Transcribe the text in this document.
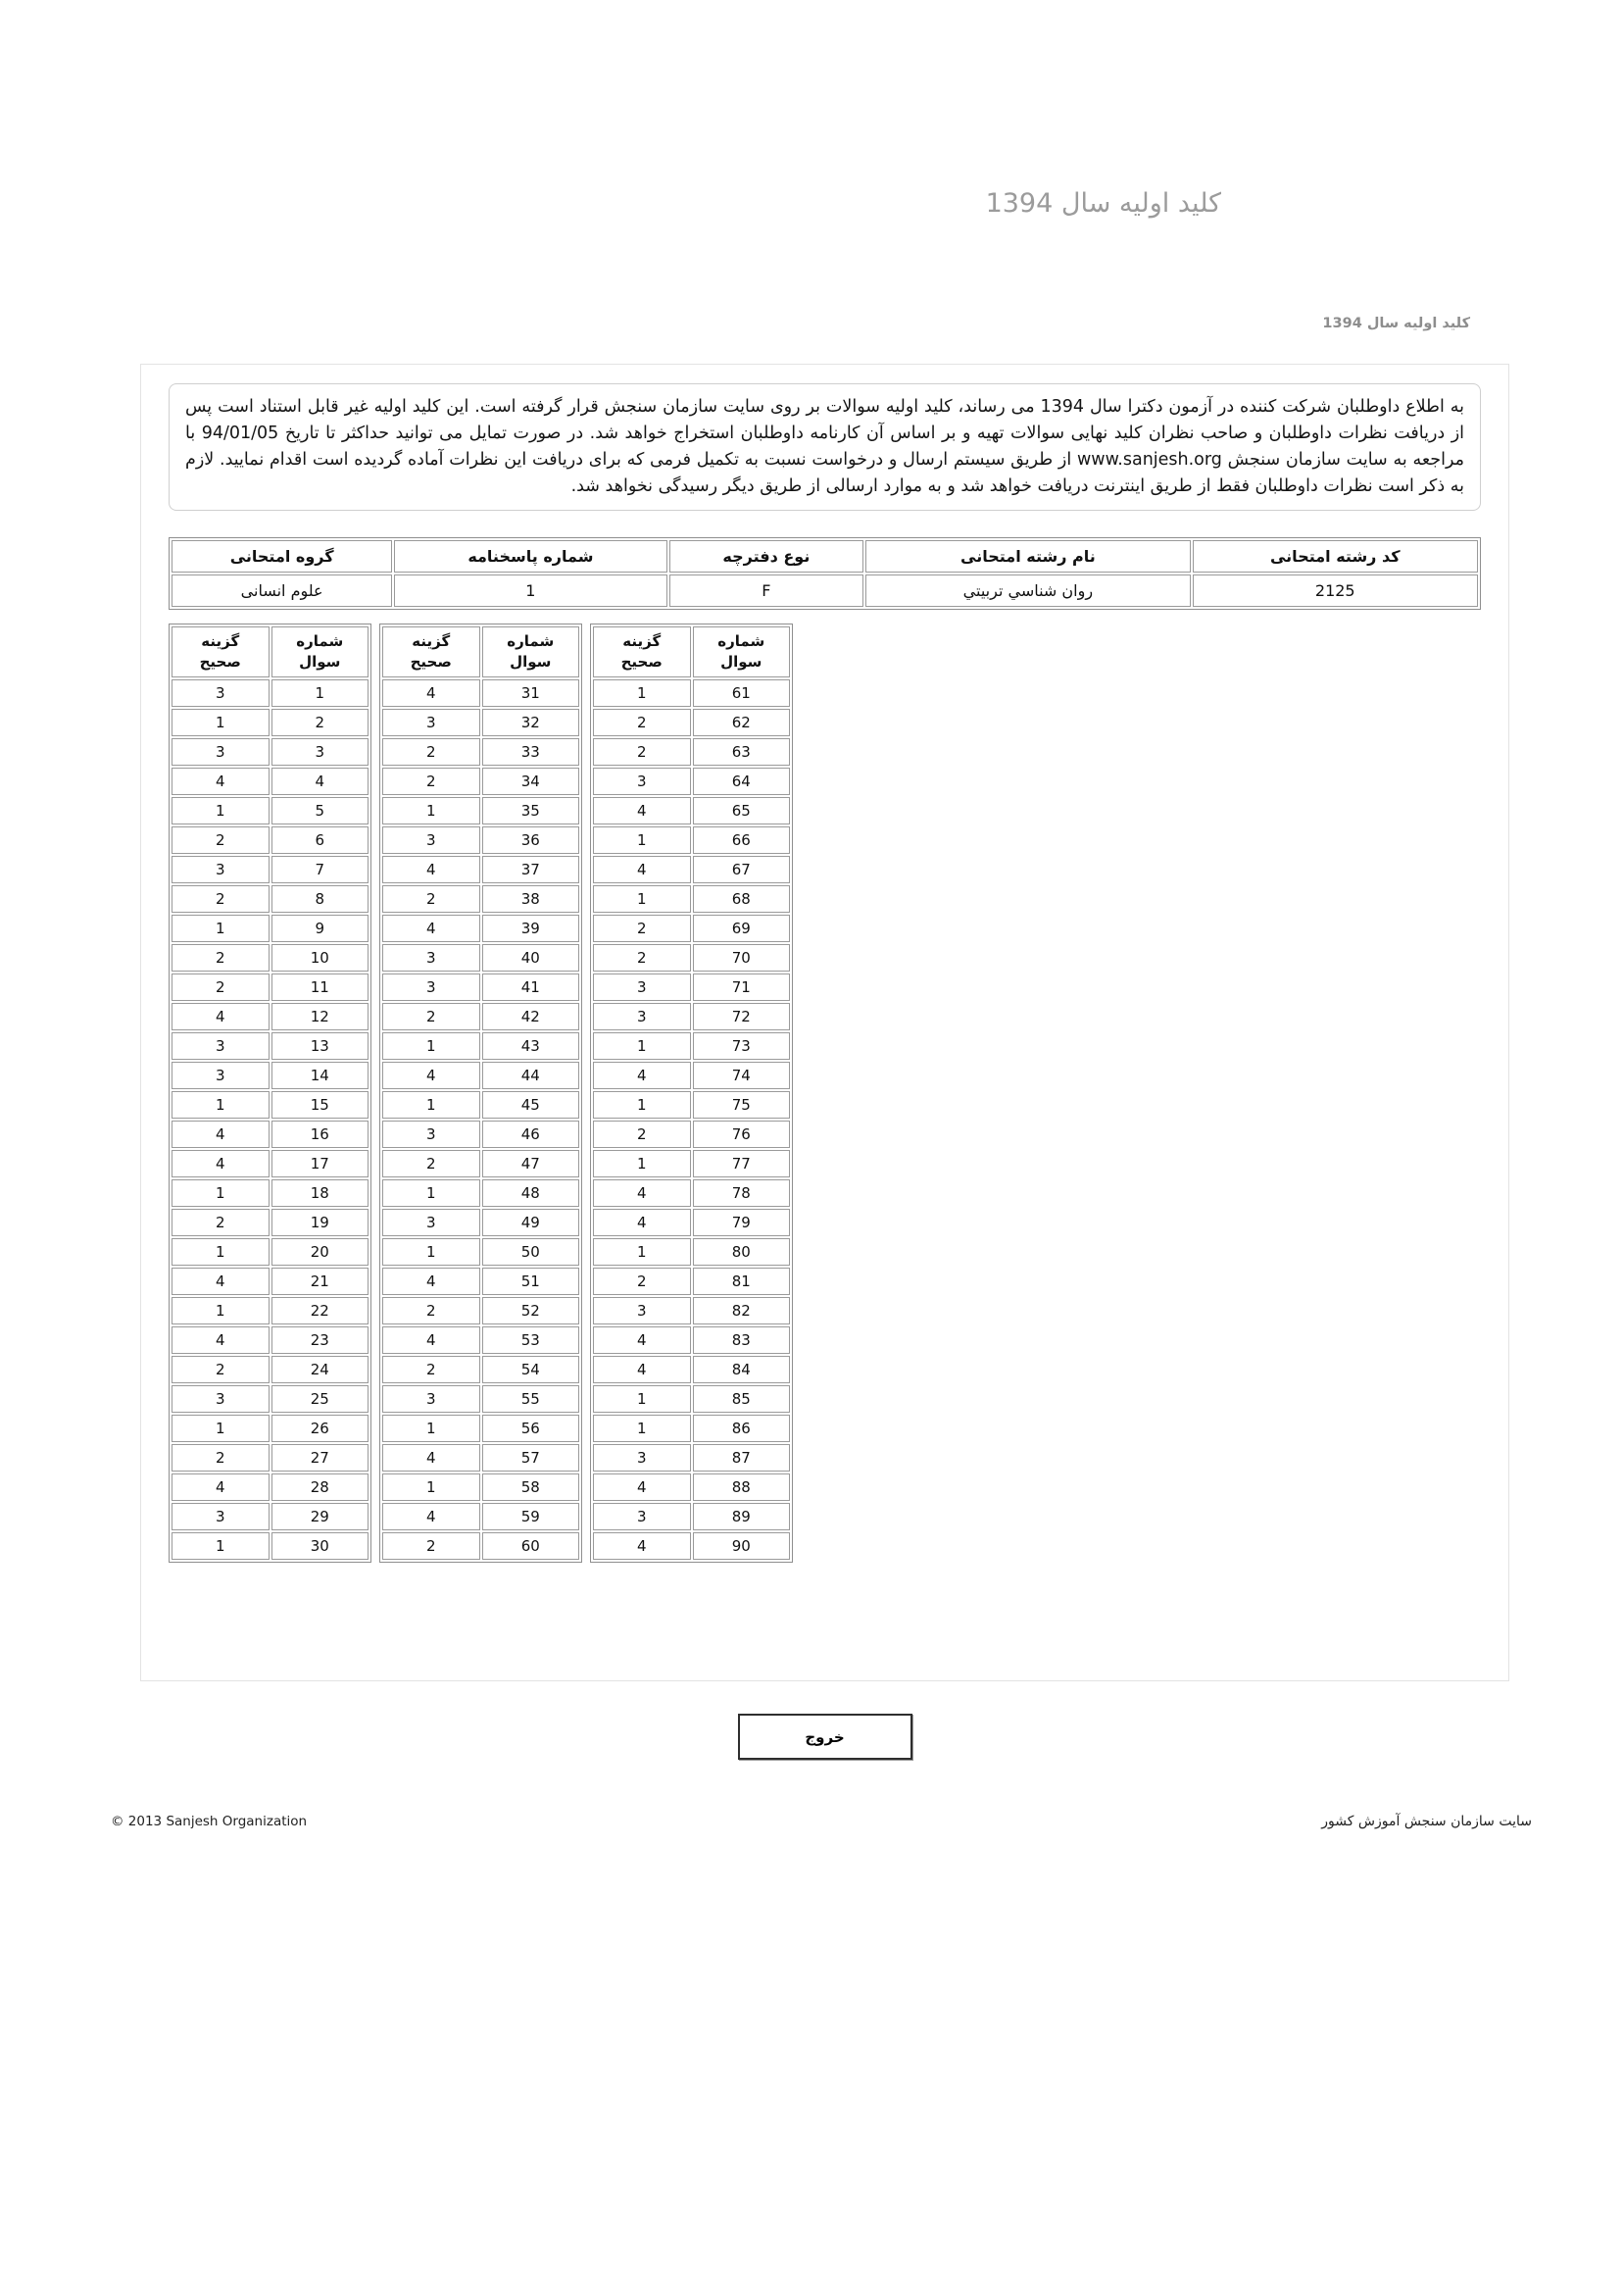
کلید اولیه سال 1394
کلید اولیه سال 1394
به اطلاع داوطلبان شرکت کننده در آزمون دکترا سال 1394 می رساند، کلید اولیه سوالات بر روی سایت سازمان سنجش قرار گرفته است. این کلید اولیه غیر قابل استناد است پس از دریافت نظرات داوطلبان و صاحب نظران کلید نهایی سوالات تهیه و بر اساس آن کارنامه داوطلبان استخراج خواهد شد. در صورت تمایل می توانید حداکثر تا تاریخ 94/01/05 با مراجعه به سایت سازمان سنجش www.sanjesh.org از طریق سیستم ارسال و درخواست نسبت به تکمیل فرمی که برای دریافت این نظرات آماده گردیده است اقدام نمایید. لازم به ذکر است نظرات داوطلبان فقط از طریق اینترنت دریافت خواهد شد و به موارد ارسالی از طریق دیگر رسیدگی نخواهد شد.
کد رشته امتحانی	نام رشته امتحانی	نوع دفترچه	شماره پاسخنامه	گروه امتحانی
2125	روان شناسي تربيتي	F	1	علوم انسانی
شماره
سوال	گزینه
صحیح

1	3
2	1
3	3
4	4
5	1
6	2
7	3
8	2
9	1
10	2
11	2
12	4
13	3
14	3
15	1
16	4
17	4
18	1
19	2
20	1
21	4
22	1
23	4
24	2
25	3
26	1
27	2
28	4
29	3
30	1
شماره
سوال	گزینه
صحیح

31	4
32	3
33	2
34	2
35	1
36	3
37	4
38	2
39	4
40	3
41	3
42	2
43	1
44	4
45	1
46	3
47	2
48	1
49	3
50	1
51	4
52	2
53	4
54	2
55	3
56	1
57	4
58	1
59	4
60	2
شماره
سوال	گزینه
صحیح

61	1
62	2
63	2
64	3
65	4
66	1
67	4
68	1
69	2
70	2
71	3
72	3
73	1
74	4
75	1
76	2
77	1
78	4
79	4
80	1
81	2
82	3
83	4
84	4
85	1
86	1
87	3
88	4
89	3
90	4
خروج
© 2013 Sanjesh Organization	سایت سازمان سنجش آموزش کشور
